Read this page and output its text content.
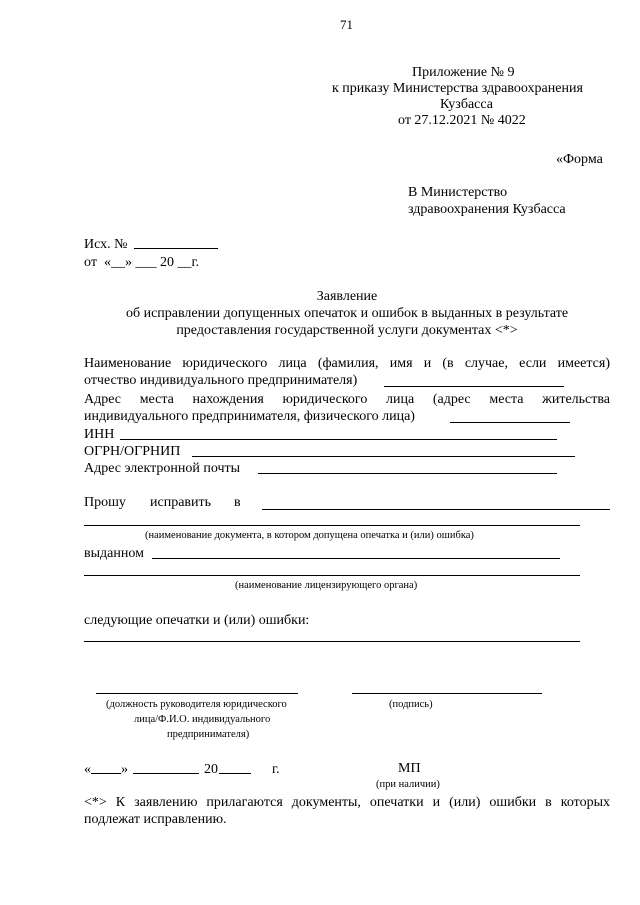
71
Приложение № 9
к приказу Министерства здравоохранения
Кузбасса
от 27.12.2021 № 4022
«Форма
В Министерство
здравоохранения Кузбасса
Исх. №
от «__» ___ 20 __г.
Заявление
об исправлении допущенных опечаток и ошибок в выданных в результате
предоставления государственной услуги документах <*>
Наименование юридического лица (фамилия, имя и (в случае, если имеется)
отчество индивидуального предпринимателя)
Адрес места нахождения юридического лица (адрес места жительства
индивидуального предпринимателя, физического лица)
ИНН
ОГРН/ОГРНИП
Адрес электронной почты
Прошу исправить в
(наименование документа, в котором допущена опечатка и (или) ошибка)
выданном
(наименование лицензирующего органа)
следующие опечатки и (или) ошибки:
(должность руководителя юридического
лица/Ф.И.О. индивидуального
предпринимателя)
(подпись)
« »	20	г.	МП
(при наличии)
<*> К заявлению прилагаются документы, опечатки и (или) ошибки в которых
подлежат исправлению.
